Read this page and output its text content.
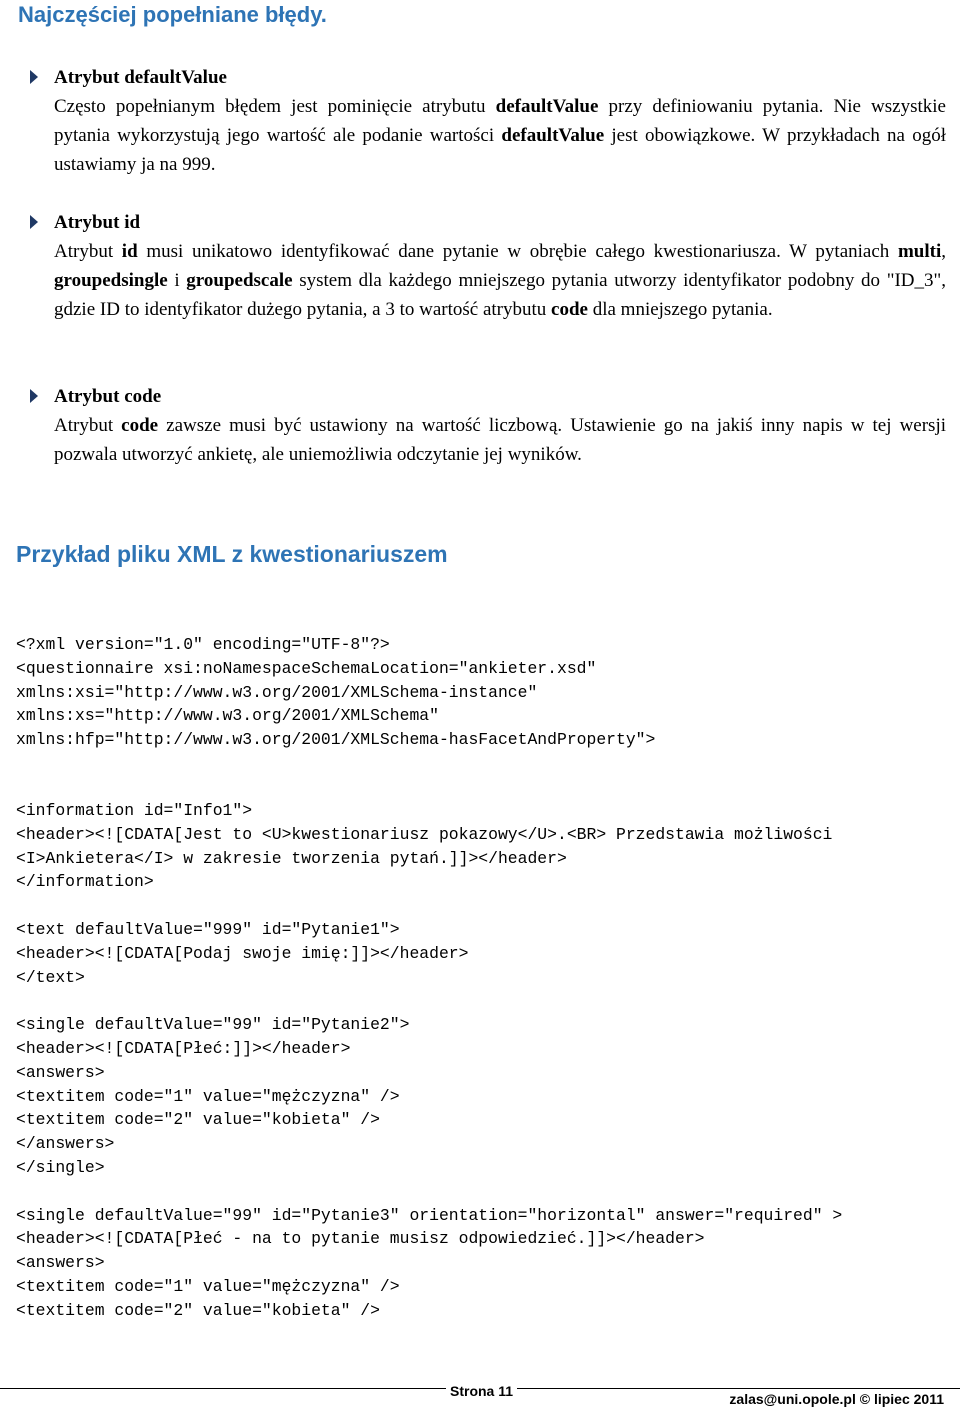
Najczęściej popełniane błędy.
Atrybut defaultValue
Często popełnianym błędem jest pominięcie atrybutu defaultValue przy definiowaniu pytania. Nie wszystkie pytania wykorzystują jego wartość ale podanie wartości defaultValue jest obowiązkowe. W przykładach na ogół ustawiamy ja na 999.
Atrybut id
Atrybut id musi unikatowo identyfikować dane pytanie w obrębie całego kwestionariusza. W pytaniach multi, groupedsingle i groupedscale system dla każdego mniejszego pytania utworzy identyfikator podobny do "ID_3", gdzie ID to identyfikator dużego pytania, a 3 to wartość atrybutu code dla mniejszego pytania.
Atrybut code
Atrybut code zawsze musi być ustawiony na wartość liczbową. Ustawienie go na jakiś inny napis w tej wersji pozwala utworzyć ankietę, ale uniemożliwia odczytanie jej wyników.
Przykład pliku XML z kwestionariuszem
<?xml version="1.0" encoding="UTF-8"?>
<questionnaire xsi:noNamespaceSchemaLocation="ankieter.xsd"
xmlns:xsi="http://www.w3.org/2001/XMLSchema-instance"
xmlns:xs="http://www.w3.org/2001/XMLSchema"
xmlns:hfp="http://www.w3.org/2001/XMLSchema-hasFacetAndProperty">
<information id="Info1">
<header><![CDATA[Jest to <U>kwestionariusz pokazowy</U>.<BR> Przedstawia możliwości
<I>Ankietera</I> w zakresie tworzenia pytań.]]></header>
</information>

<text defaultValue="999" id="Pytanie1">
<header><![CDATA[Podaj swoje imię:]]></header>
</text>

<single defaultValue="99" id="Pytanie2">
<header><![CDATA[Płeć:]]></header>
<answers>
<textitem code="1" value="mężczyzna" />
<textitem code="2" value="kobieta" />
</answers>
</single>

<single defaultValue="99" id="Pytanie3" orientation="horizontal" answer="required" >
<header><![CDATA[Płeć - na to pytanie musisz odpowiedzieć.]]></header>
<answers>
<textitem code="1" value="mężczyzna" />
<textitem code="2" value="kobieta" />
Strona 11	zalas@uni.opole.pl © lipiec 2011
